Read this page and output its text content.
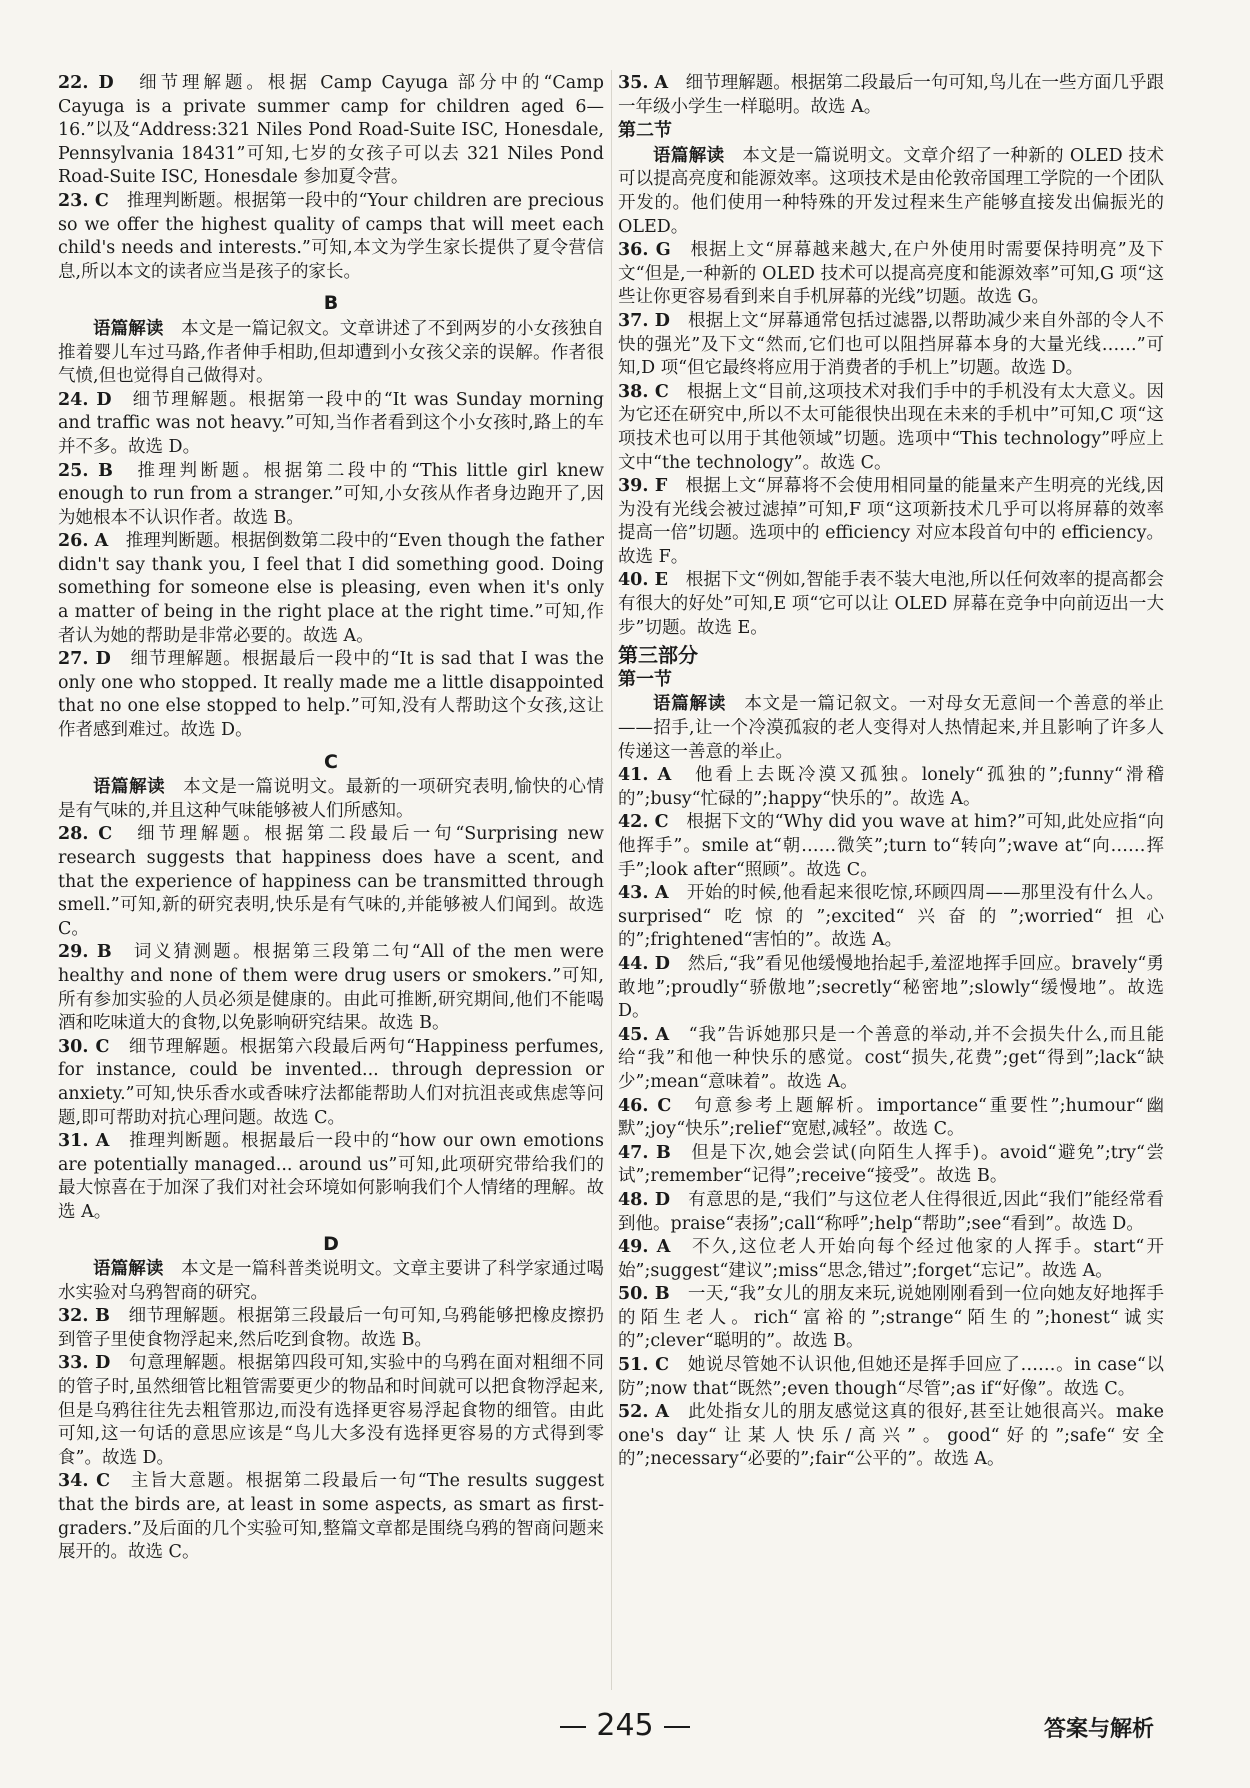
22. D　 细节理解题。根据 Camp Cayuga 部分中的“Camp Cayuga is a private summer camp for children aged 6—16.”以及“Address:321 Niles Pond Road-Suite ISC, Honesdale, Pennsylvania 18431”可知,七岁的女孩子可以去 321 Niles Pond Road-Suite ISC, Honesdale 参加夏令营。

23. C　 推理判断题。根据第一段中的“Your children are precious so we offer the highest quality of camps that will meet each child's needs and interests.”可知,本文为学生家长提供了夏令营信息,所以本文的读者应当是孩子的家长。

B

语篇解读　 本文是一篇记叙文。文章讲述了不到两岁的小女孩独自推着婴儿车过马路,作者伸手相助,但却遭到小女孩父亲的误解。作者很气愤,但也觉得自己做得对。

24. D　 细节理解题。根据第一段中的“It was Sunday morning and traffic was not heavy.”可知,当作者看到这个小女孩时,路上的车并不多。故选 D。

25. B　 推理判断题。根据第二段中的“This little girl knew enough to run from a stranger.”可知,小女孩从作者身边跑开了,因为她根本不认识作者。故选 B。

26. A　 推理判断题。根据倒数第二段中的“Even though the father didn't say thank you, I feel that I did something good. Doing something for someone else is pleasing, even when it's only a matter of being in the right place at the right time.”可知,作者认为她的帮助是非常必要的。故选 A。

27. D　 细节理解题。根据最后一段中的“It is sad that I was the only one who stopped. It really made me a little disappointed that no one else stopped to help.”可知,没有人帮助这个女孩,这让作者感到难过。故选 D。

C

语篇解读　 本文是一篇说明文。最新的一项研究表明,愉快的心情是有气味的,并且这种气味能够被人们所感知。

28. C　 细节理解题。根据第二段最后一句“Surprising new research suggests that happiness does have a scent, and that the experience of happiness can be transmitted through smell.”可知,新的研究表明,快乐是有气味的,并能够被人们闻到。故选 C。

29. B　 词义猜测题。根据第三段第二句“All of the men were healthy and none of them were drug users or smokers.”可知,所有参加实验的人员必须是健康的。由此可推断,研究期间,他们不能喝酒和吃味道大的食物,以免影响研究结果。故选 B。

30. C　 细节理解题。根据第六段最后两句“Happiness perfumes, for instance, could be invented... through depression or anxiety.”可知,快乐香水或香味疗法都能帮助人们对抗沮丧或焦虑等问题,即可帮助对抗心理问题。故选 C。

31. A　 推理判断题。根据最后一段中的“how our own emotions are potentially managed... around us”可知,此项研究带给我们的最大惊喜在于加深了我们对社会环境如何影响我们个人情绪的理解。故选 A。

D

语篇解读　 本文是一篇科普类说明文。文章主要讲了科学家通过喝水实验对乌鸦智商的研究。

32. B　 细节理解题。根据第三段最后一句可知,乌鸦能够把橡皮擦扔到管子里使食物浮起来,然后吃到食物。故选 B。

33. D　 句意理解题。根据第四段可知,实验中的乌鸦在面对粗细不同的管子时,虽然细管比粗管需要更少的物品和时间就可以把食物浮起来,但是乌鸦往往先去粗管那边,而没有选择更容易浮起食物的细管。由此可知,这一句话的意思应该是“鸟儿大多没有选择更容易的方式得到零食”。故选 D。

34. C　 主旨大意题。根据第二段最后一句“The results suggest that the birds are, at least in some aspects, as smart as first-graders.”及后面的几个实验可知,整篇文章都是围绕乌鸦的智商问题来展开的。故选 C。

35. A　 细节理解题。根据第二段最后一句可知,鸟儿在一些方面几乎跟一年级小学生一样聪明。故选 A。

第二节

语篇解读　 本文是一篇说明文。文章介绍了一种新的 OLED 技术可以提高亮度和能源效率。这项技术是由伦敦帝国理工学院的一个团队开发的。他们使用一种特殊的开发过程来生产能够直接发出偏振光的 OLED。

36. G　 根据上文“屏幕越来越大,在户外使用时需要保持明亮”及下文“但是,一种新的 OLED 技术可以提高亮度和能源效率”可知,G 项“这些让你更容易看到来自手机屏幕的光线”切题。故选 G。

37. D　 根据上文“屏幕通常包括过滤器,以帮助减少来自外部的令人不快的强光”及下文“然而,它们也可以阻挡屏幕本身的大量光线……”可知,D 项“但它最终将应用于消费者的手机上”切题。故选 D。

38. C　 根据上文“目前,这项技术对我们手中的手机没有太大意义。因为它还在研究中,所以不太可能很快出现在未来的手机中”可知,C 项“这项技术也可以用于其他领域”切题。选项中“This technology”呼应上文中“the technology”。故选 C。

39. F　 根据上文“屏幕将不会使用相同量的能量来产生明亮的光线,因为没有光线会被过滤掉”可知,F 项“这项新技术几乎可以将屏幕的效率提高一倍”切题。选项中的 efficiency 对应本段首句中的 efficiency。故选 F。

40. E　 根据下文“例如,智能手表不装大电池,所以任何效率的提高都会有很大的好处”可知,E 项“它可以让 OLED 屏幕在竞争中向前迈出一大步”切题。故选 E。

第三部分
第一节

语篇解读　 本文是一篇记叙文。一对母女无意间一个善意的举止——招手,让一个冷漠孤寂的老人变得对人热情起来,并且影响了许多人传递这一善意的举止。

41. A　 他看上去既冷漠又孤独。lonely“孤独的”;funny“滑稽的”;busy“忙碌的”;happy“快乐的”。故选 A。

42. C　 根据下文的“Why did you wave at him?”可知,此处应指“向他挥手”。smile at“朝……微笑”;turn to“转向”;wave at“向……挥手”;look after“照顾”。故选 C。

43. A　 开始的时候,他看起来很吃惊,环顾四周——那里没有什么人。surprised“吃惊的”;excited“兴奋的”;worried“担心的”;frightened“害怕的”。故选 A。

44. D　 然后,“我”看见他缓慢地抬起手,羞涩地挥手回应。bravely“勇敢地”;proudly“骄傲地”;secretly“秘密地”;slowly“缓慢地”。故选 D。

45. A　 “我”告诉她那只是一个善意的举动,并不会损失什么,而且能给“我”和他一种快乐的感觉。cost“损失,花费”;get“得到”;lack“缺少”;mean“意味着”。故选 A。

46. C　 句意参考上题解析。importance“重要性”;humour“幽默”;joy“快乐”;relief“宽慰,减轻”。故选 C。

47. B　 但是下次,她会尝试(向陌生人挥手)。avoid“避免”;try“尝试”;remember“记得”;receive“接受”。故选 B。

48. D　 有意思的是,“我们”与这位老人住得很近,因此“我们”能经常看到他。praise“表扬”;call“称呼”;help“帮助”;see“看到”。故选 D。

49. A　 不久,这位老人开始向每个经过他家的人挥手。start“开始”;suggest“建议”;miss“思念,错过”;forget“忘记”。故选 A。

50. B　 一天,“我”女儿的朋友来玩,说她刚刚看到一位向她友好地挥手的陌生老人。rich“富裕的”;strange“陌生的”;honest“诚实的”;clever“聪明的”。故选 B。

51. C　 她说尽管她不认识他,但她还是挥手回应了……。in case“以防”;now that“既然”;even though“尽管”;as if“好像”。故选 C。

52. A　 此处指女儿的朋友感觉这真的很好,甚至让她很高兴。make one's day“让某人快乐/高兴”。good“好的”;safe“安全的”;necessary“必要的”;fair“公平的”。故选 A。

245	答案与解析
